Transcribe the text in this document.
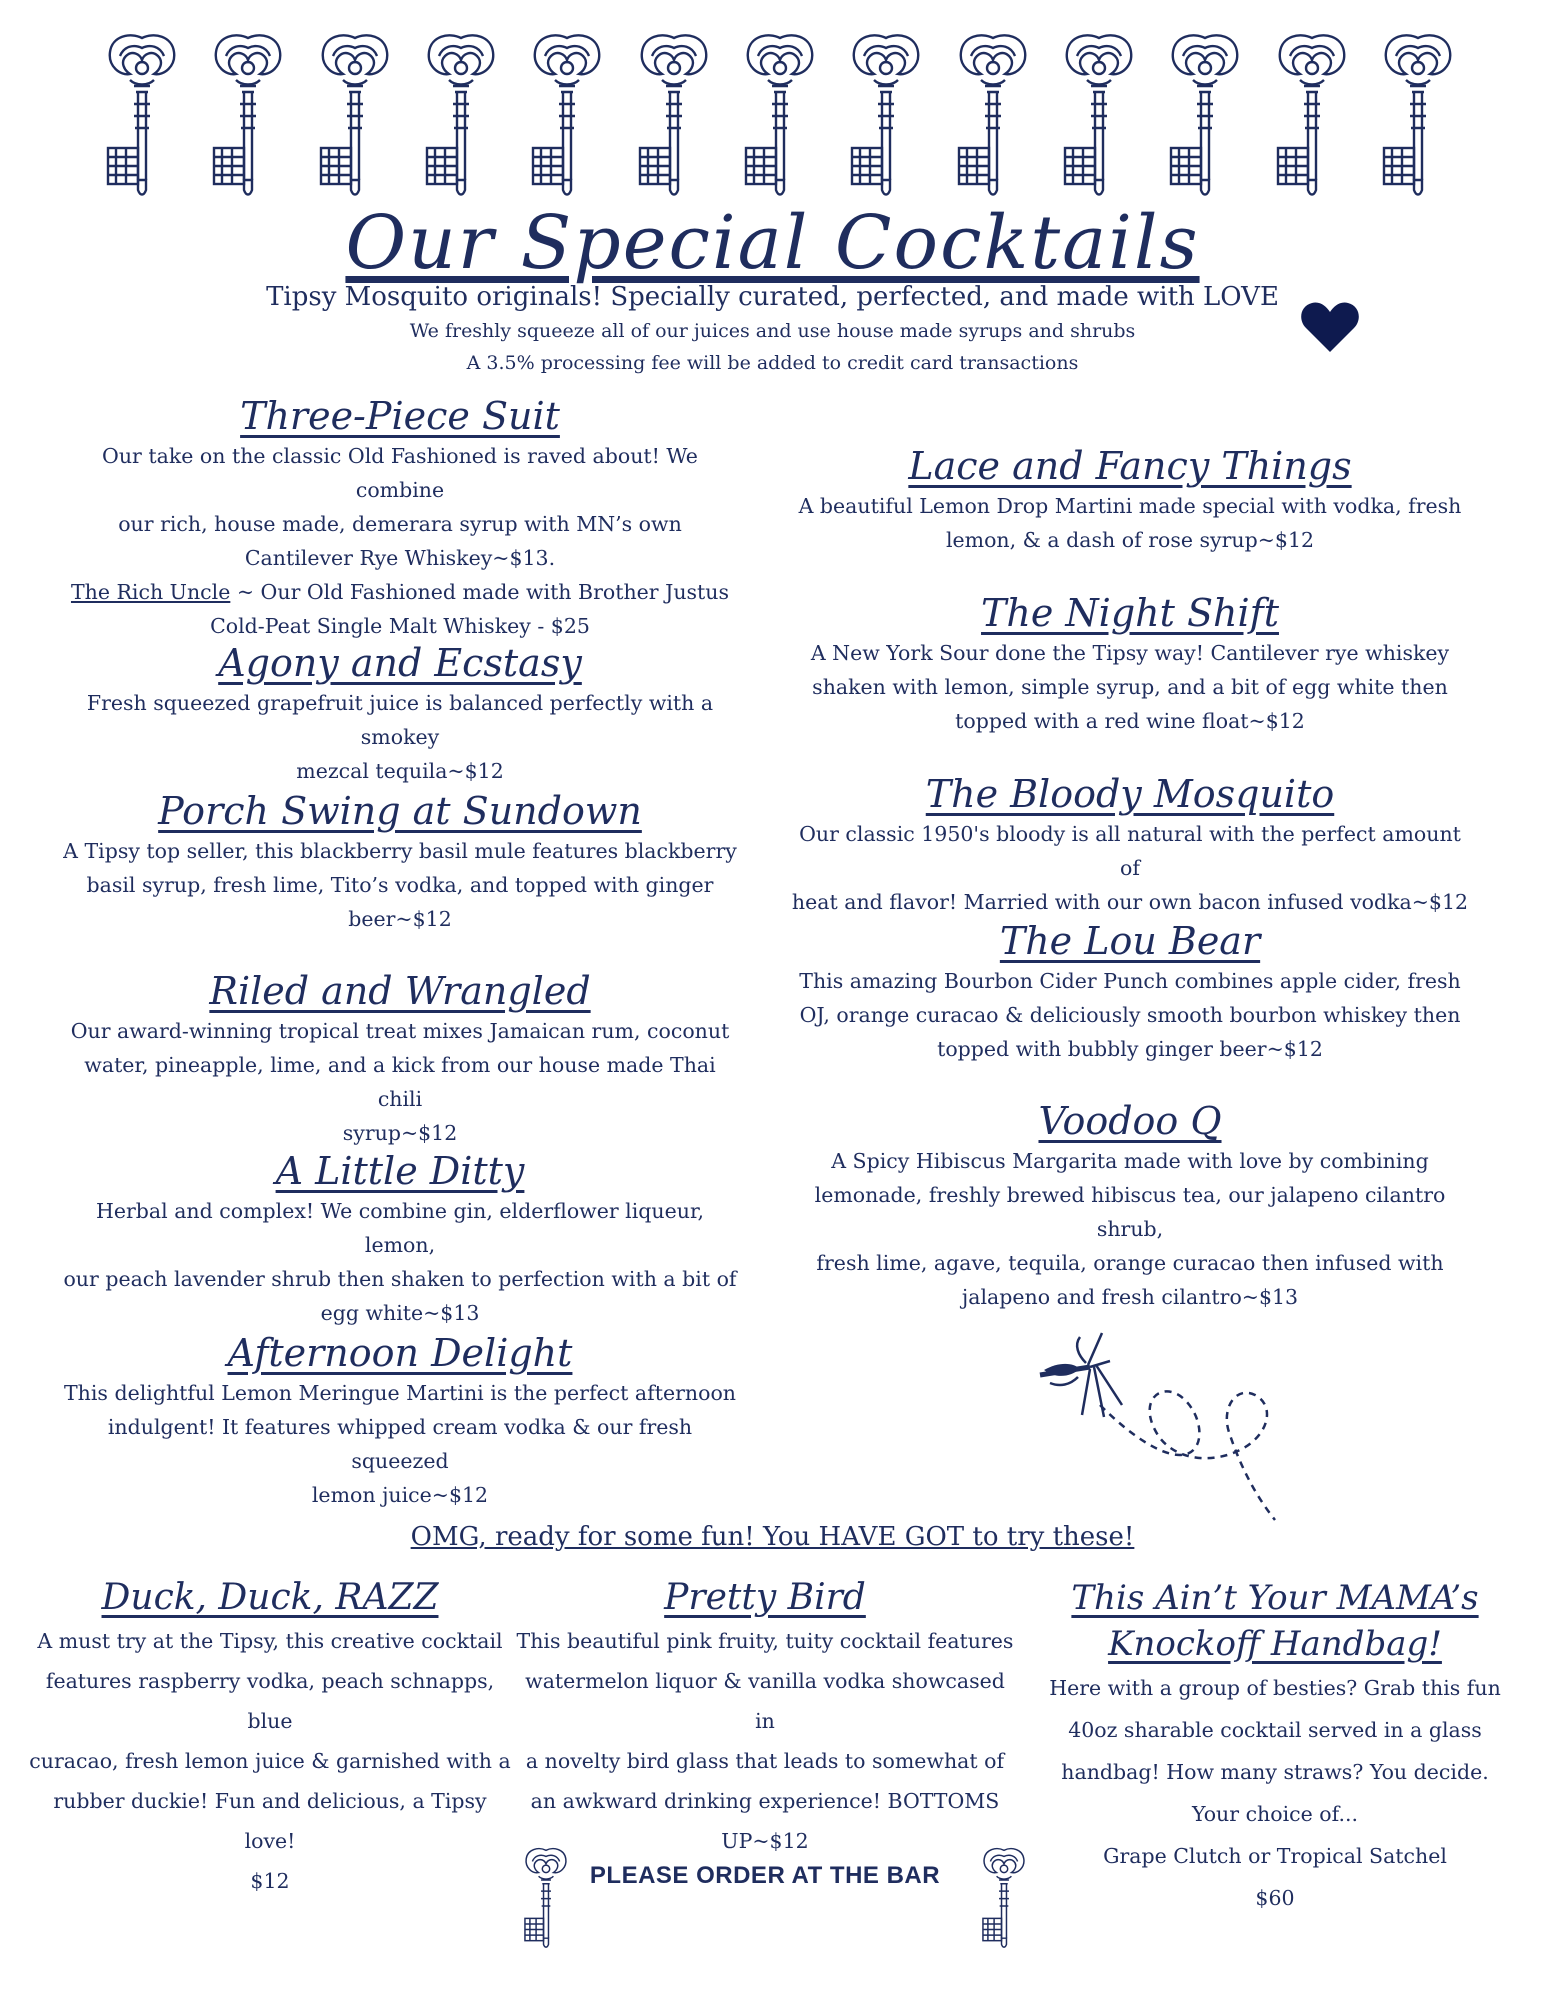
Our Special Cocktails
Tipsy Mosquito originals! Specially curated, perfected, and made with LOVE
We freshly squeeze all of our juices and use house made syrups and shrubs
A 3.5% processing fee will be added to credit card transactions

Three-Piece Suit

Our take on the classic Old Fashioned is raved about! We combine
our rich, house made, demerara syrup with MN’s own
Cantilever Rye Whiskey~$13.
The Rich Uncle ~ Our Old Fashioned made with Brother Justus
Cold-Peat Single Malt Whiskey - $25

Agony and Ecstasy

Fresh squeezed grapefruit juice is balanced perfectly with a smokey
mezcal tequila~$12

Porch Swing at Sundown

A Tipsy top seller, this blackberry basil mule features blackberry
basil syrup, fresh lime, Tito’s vodka, and topped with ginger
beer~$12

Riled and Wrangled

Our award-winning tropical treat mixes Jamaican rum, coconut
water, pineapple, lime, and a kick from our house made Thai chili
syrup~$12

A Little Ditty

Herbal and complex! We combine gin, elderflower liqueur, lemon,
our peach lavender shrub then shaken to perfection with a bit of
egg white~$13

Afternoon Delight

This delightful Lemon Meringue Martini is the perfect afternoon
indulgent! It features whipped cream vodka & our fresh squeezed
lemon juice~$12

Lace and Fancy Things

A beautiful Lemon Drop Martini made special with vodka, fresh
lemon, & a dash of rose syrup~$12

The Night Shift

A New York Sour done the Tipsy way! Cantilever rye whiskey
shaken with lemon, simple syrup, and a bit of egg white then
topped with a red wine float~$12

The Bloody Mosquito

Our classic 1950's bloody is all natural with the perfect amount of
heat and flavor! Married with our own bacon infused vodka~$12

The Lou Bear

This amazing Bourbon Cider Punch combines apple cider, fresh
OJ, orange curacao & deliciously smooth bourbon whiskey then
topped with bubbly ginger beer~$12

Voodoo Q

A Spicy Hibiscus Margarita made with love by combining
lemonade, freshly brewed hibiscus tea, our jalapeno cilantro shrub,
fresh lime, agave, tequila, orange curacao then infused with
jalapeno and fresh cilantro~$13

OMG, ready for some fun! You HAVE GOT to try these!

Duck, Duck, RAZZ

A must try at the Tipsy, this creative cocktail
features raspberry vodka, peach schnapps, blue
curacao, fresh lemon juice & garnished with a
rubber duckie! Fun and delicious, a Tipsy love!
$12

Pretty Bird

This beautiful pink fruity, tuity cocktail features
watermelon liquor & vanilla vodka showcased in
a novelty bird glass that leads to somewhat of
an awkward drinking experience! BOTTOMS
UP~$12

This Ain’t Your MAMA’s

Knockoff Handbag!

Here with a group of besties? Grab this fun
40oz sharable cocktail served in a glass
handbag! How many straws? You decide.
Your choice of...
Grape Clutch or Tropical Satchel
$60

PLEASE ORDER AT THE BAR
